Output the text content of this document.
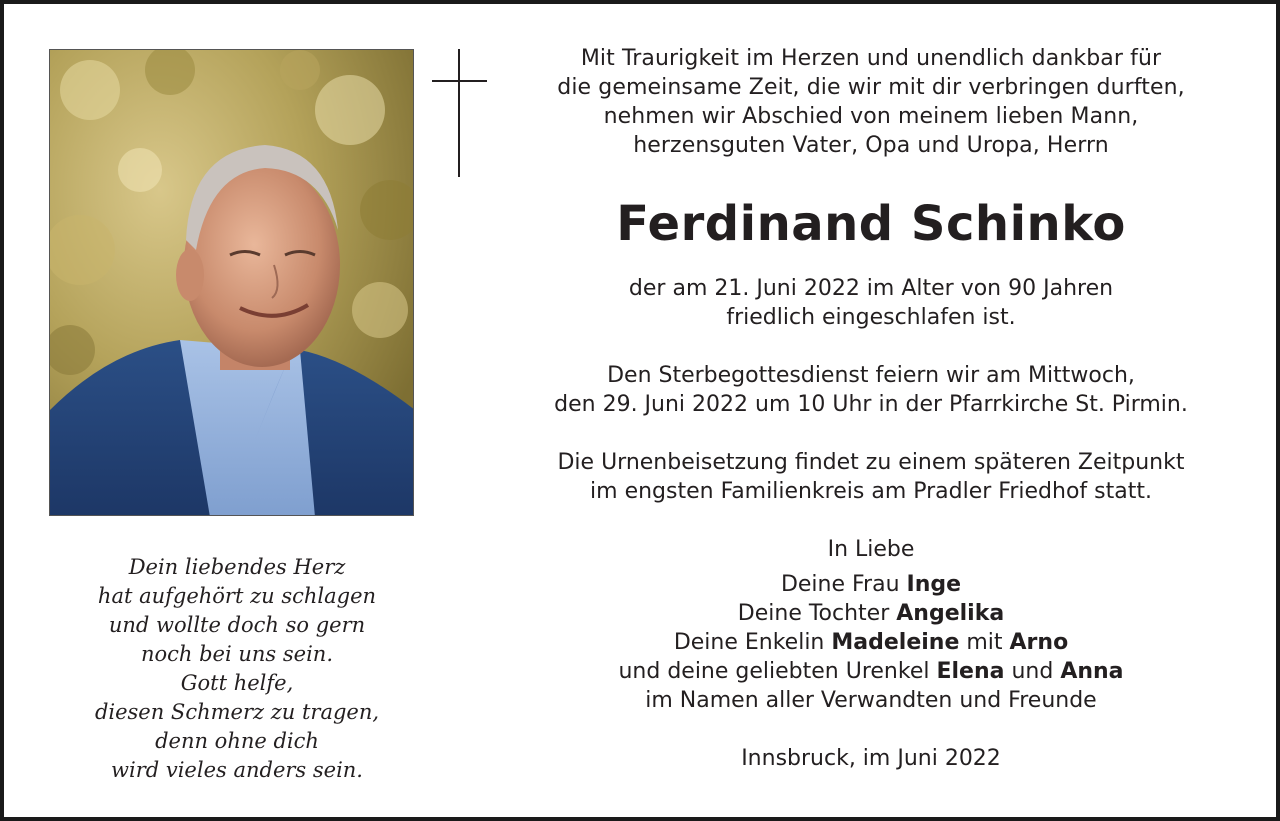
Mit Traurigkeit im Herzen und unendlich dankbar für
die gemeinsame Zeit, die wir mit dir verbringen durften,
nehmen wir Abschied von meinem lieben Mann,
herzensguten Vater, Opa und Uropa, Herrn
Ferdinand Schinko
der am 21. Juni 2022 im Alter von 90 Jahren
friedlich eingeschlafen ist.
Den Sterbegottesdienst feiern wir am Mittwoch,
den 29. Juni 2022 um 10 Uhr in der Pfarrkirche St. Pirmin.
Die Urnenbeisetzung findet zu einem späteren Zeitpunkt
im engsten Familienkreis am Pradler Friedhof statt.
In Liebe
Deine Frau Inge
Deine Tochter Angelika
Deine Enkelin Madeleine mit Arno
und deine geliebten Urenkel Elena und Anna
im Namen aller Verwandten und Freunde
Innsbruck, im Juni 2022
Dein liebendes Herz
hat aufgehört zu schlagen
und wollte doch so gern
noch bei uns sein.
Gott helfe,
diesen Schmerz zu tragen,
denn ohne dich
wird vieles anders sein.
